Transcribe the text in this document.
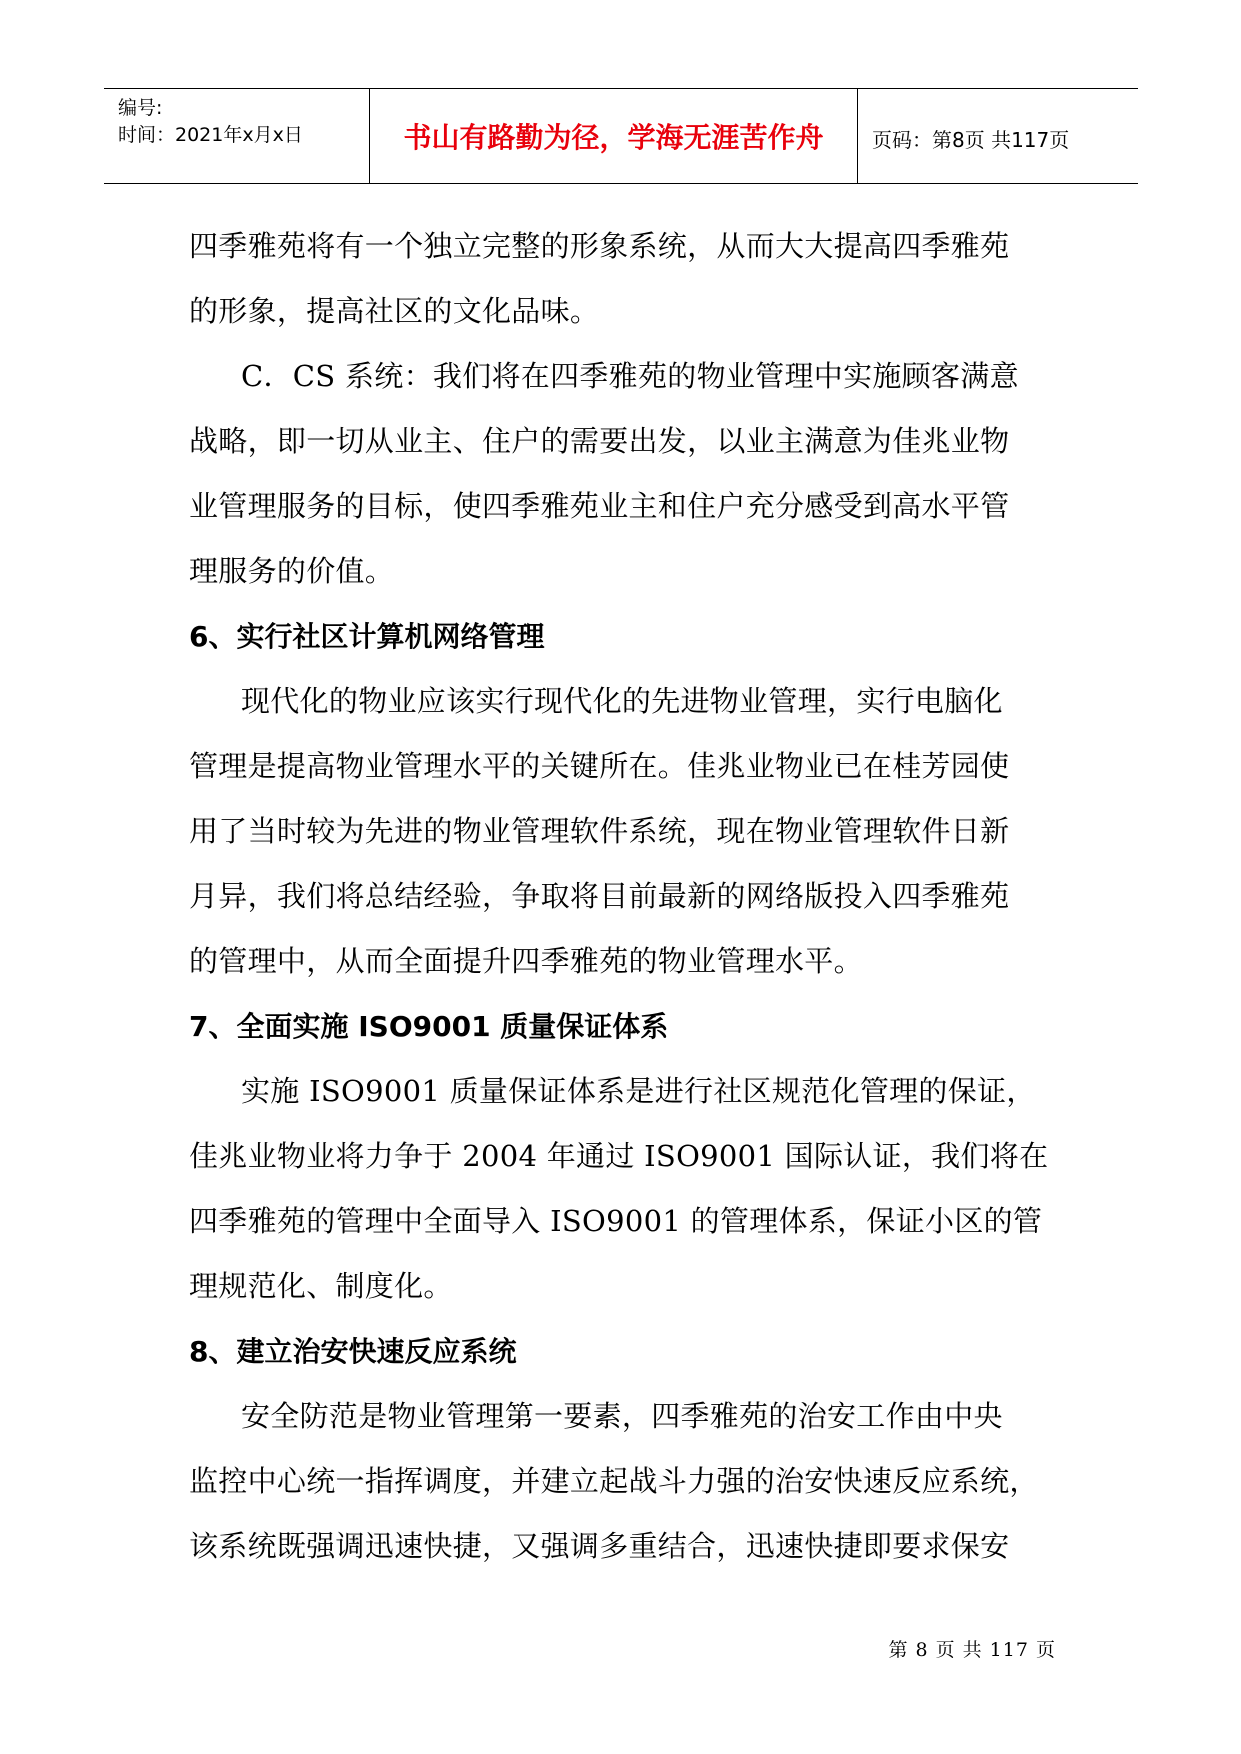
编号:
时间：2021年x月x日	书山有路勤为径，学海无涯苦作舟	页码：第8页 共117页
四季雅苑将有一个独立完整的形象系统，从而大大提高四季雅苑
的形象，提高社区的文化品味。
C．CS 系统：我们将在四季雅苑的物业管理中实施顾客满意
战略，即一切从业主、住户的需要出发，以业主满意为佳兆业物
业管理服务的目标，使四季雅苑业主和住户充分感受到高水平管
理服务的价值。
6、实行社区计算机网络管理
现代化的物业应该实行现代化的先进物业管理，实行电脑化
管理是提高物业管理水平的关键所在。佳兆业物业已在桂芳园使
用了当时较为先进的物业管理软件系统，现在物业管理软件日新
月异，我们将总结经验，争取将目前最新的网络版投入四季雅苑
的管理中，从而全面提升四季雅苑的物业管理水平。
7、全面实施 ISO9001 质量保证体系
实施 ISO9001 质量保证体系是进行社区规范化管理的保证，
佳兆业物业将力争于 2004 年通过 ISO9001 国际认证，我们将在
四季雅苑的管理中全面导入 ISO9001 的管理体系，保证小区的管
理规范化、制度化。
8、建立治安快速反应系统
安全防范是物业管理第一要素，四季雅苑的治安工作由中央
监控中心统一指挥调度，并建立起战斗力强的治安快速反应系统，
该系统既强调迅速快捷，又强调多重结合，迅速快捷即要求保安
第 8 页 共 117 页
